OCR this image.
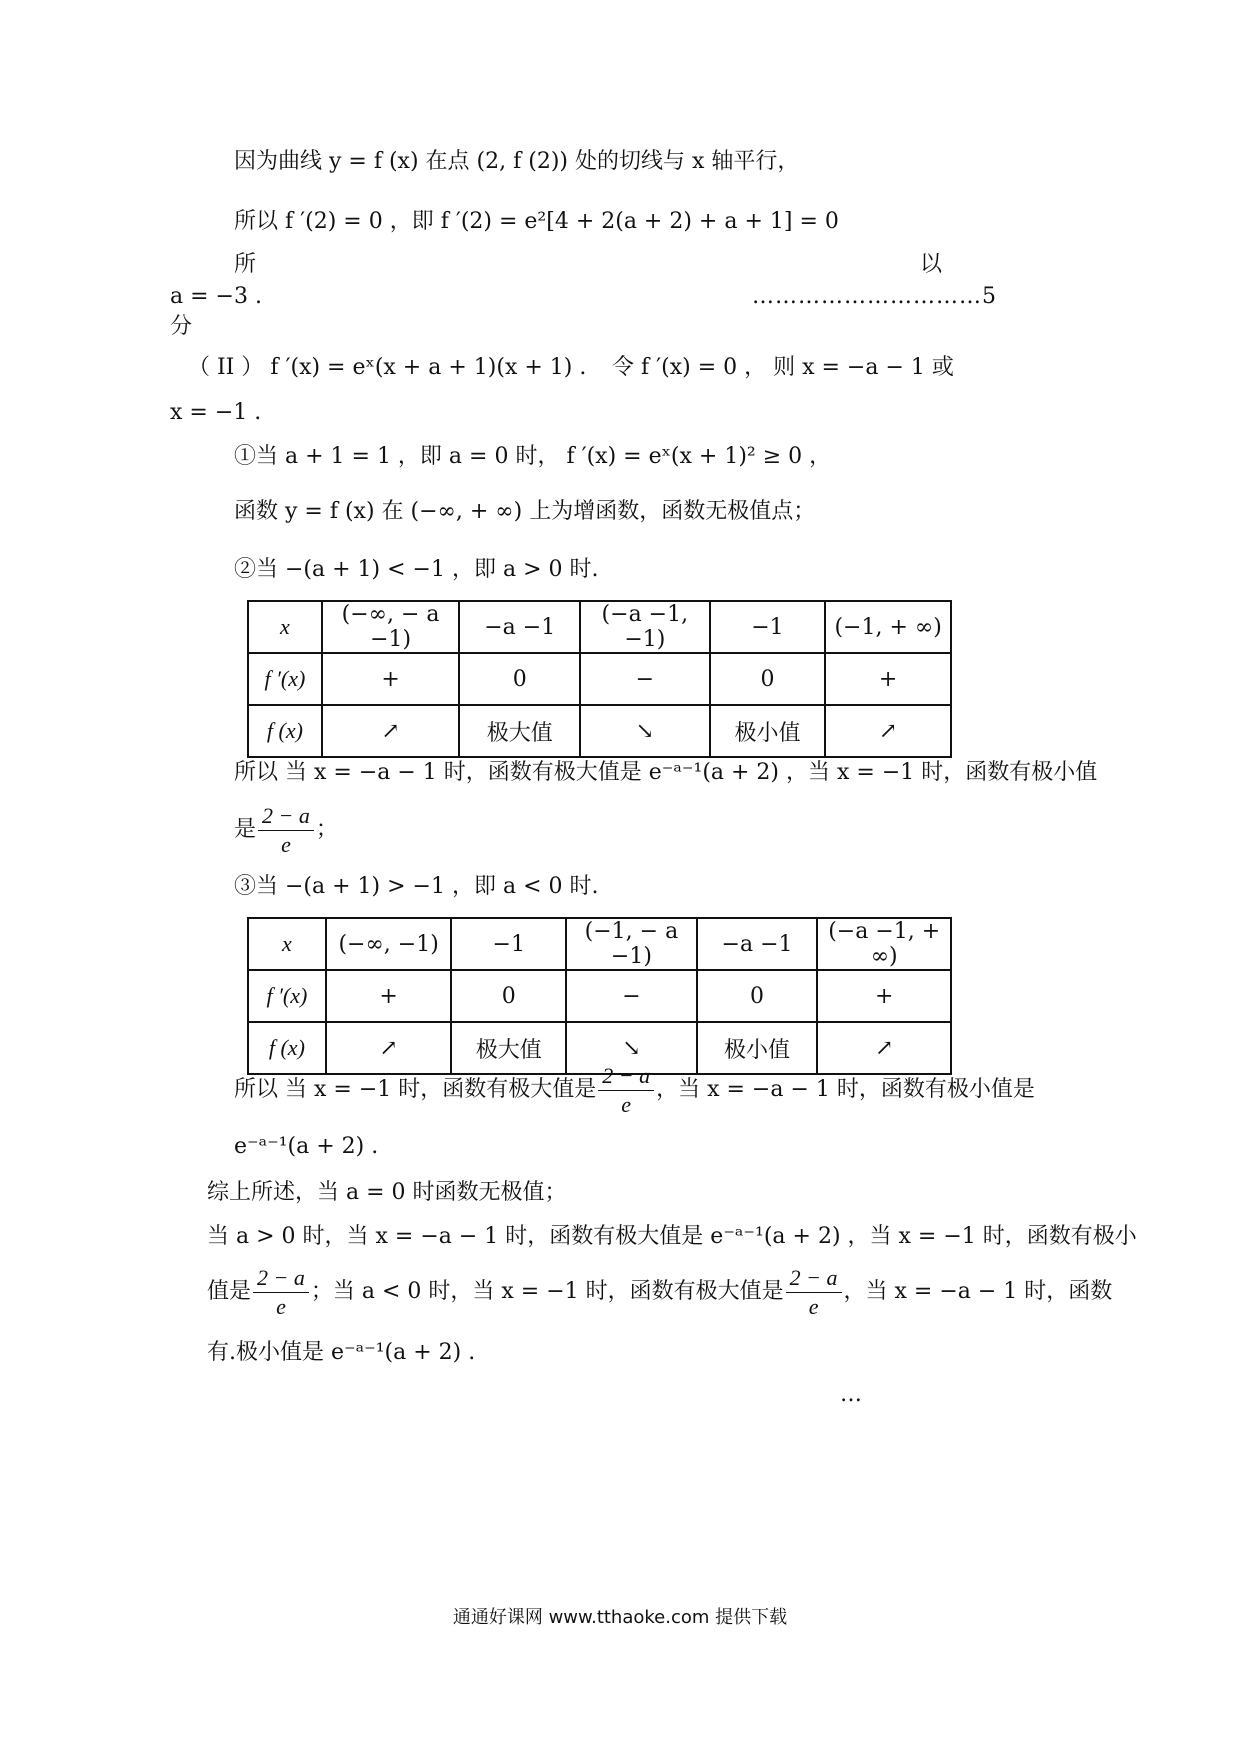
因为曲线 y = f (x) 在点 (2, f (2)) 处的切线与 x 轴平行，
所以 f ′(2) = 0 ，即 f ′(2) = e²[4 + 2(a + 2) + a + 1] = 0
所	以
a = −3 .	…………………………5
分
（ II ） f ′(x) = eˣ(x + a + 1)(x + 1) . 令 f ′(x) = 0 ， 则 x = −a − 1 或
x = −1 .
①当 a + 1 = 1 ，即 a = 0 时， f ′(x) = eˣ(x + 1)² ≥ 0 ，
函数 y = f (x) 在 (−∞, + ∞) 上为增函数，函数无极值点；
②当 −(a + 1) < −1 ，即 a > 0 时.
x	(−∞, − a −1)	−a −1	(−a −1, −1)	−1	(−1, + ∞)
f ′(x)	+	0	−	0	+
f (x)	↗	极大值	↘	极小值	↗
所以 当 x = −a − 1 时，函数有极大值是 e⁻ᵃ⁻¹(a + 2) ，当 x = −1 时，函数有极小值
是 $\frac{2 - a}{e}$ ；
③当 −(a + 1) > −1 ，即 a < 0 时.
x	(−∞, −1)	−1	(−1, − a −1)	−a −1	(−a −1, + ∞)
f ′(x)	+	0	−	0	+
f (x)	↗	极大值	↘	极小值	↗
所以 当 x = −1 时，函数有极大值是 $\frac{2 - a}{e}$ ，当 x = −a − 1 时，函数有极小值是
e⁻ᵃ⁻¹(a + 2) .
综上所述，当 a = 0 时函数无极值；
当 a > 0 时，当 x = −a − 1 时，函数有极大值是 e⁻ᵃ⁻¹(a + 2) ，当 x = −1 时，函数有极小
值是 $\frac{2 - a}{e}$ ；当 a < 0 时，当 x = −1 时，函数有极大值是 $\frac{2 - a}{e}$ ，当 x = −a − 1 时，函数
有.极小值是 e⁻ᵃ⁻¹(a + 2) .
…
通通好课网 www.tthaoke.com 提供下载
